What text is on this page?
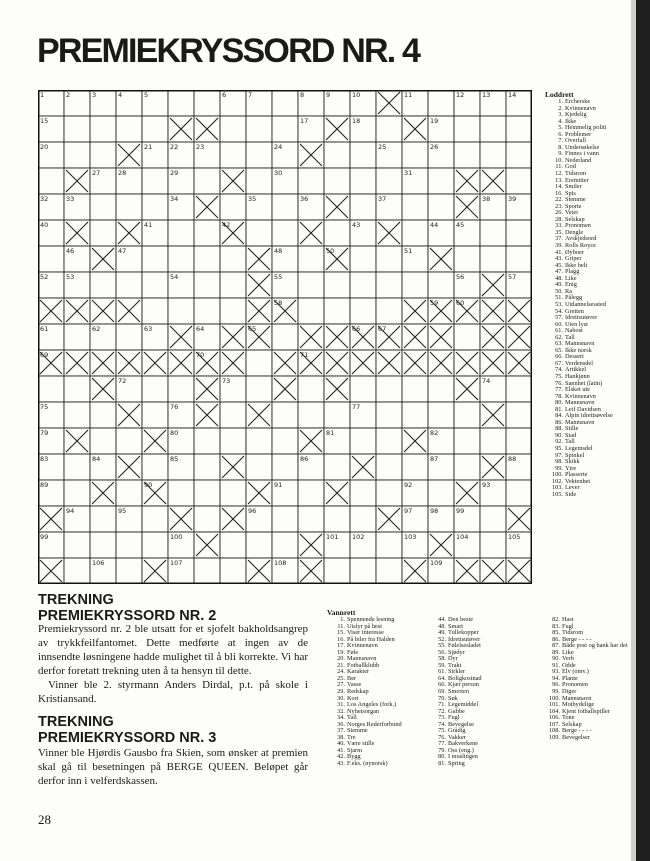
PREMIEKRYSSORD NR. 4
1	2	3	4	5	6	7	8	9	10	11	12	13	14
15	17	18	19
20	21	22	23	24	25	26
27	28	29	30	31
32	33	34	35	36	37	38	39
40	41	42	43	44	45
46	47	48	50	51
52	53	54	55	56	57
58	59	60
61	62	63	64	65	66	67
69	70	71
72	73	74
75	76	77
79	80	81	82
83	84	85	86	87	88
89	90	91	92	93
94	95	96	97	98	99
99	100	101 102	103	104	105
106	107	108	109
Loddrett
1. Ercherske
2. Kvinnenavn
3. Kjedelig
4. Ikke
5. Hemmelig politi
6. Problemer
7. Overfall
8. Undersøkelse
9. Finnes i vann
10. Nederland
11. God
12. Tidsrom
13. Eremitter
14. Smiler
16. Spis
22. Stemme
23. Sporte
26. Veier
28. Selskap
33. Pronomen
35. Dengle
37. Avskjedsord
39. Rolls Royce
41. Øyboer
43. Griper
45. Ikke helt
47. Plagg
48. Like
49. Enig
50. Ra
51. Pålegg
53. Utdannelsessted
54. Gretten
57. Idrettsutøver
60. Uten lyst
61. Nabost
62. Tall
63. Mannsnavn
65. Ikke norsk
66. Dessert
67. Verdensdel
74. Artikkel
75. Hankjønn
76. Sannhet (latin)
77. Elsket ute
78. Kvinnenavn
80. Mannsnavn
81. Leif Davidsen
84. Alpin idrettsøvelse
86. Mannsnavn
88. Stille
90. Stad
92. Tall
95. Legemsdel
97. Spinkel
98. Skikk
99. Ytre
100. Plasserte
102. Vektenhet
103. Lever
105. Side
Vannrett
1. Spennende lesning
11. Utslyr på hest
15. Viser interesse
16. På biler fra Halden
17. Kvinnenavn
19. Føle
20. Mannsnavn
21. Fotballklubb
24. Karakter
25. Ber
27. Vasse
29. Redskap
30. Kort
31. Los Angeles (fork.)
32. Nyhetsorgan
34. Tall
36. Norges Rederforbund
37. Stemme
38. Tre
40. Være stille
41. Sjarm
42. Bygg
43. F.eks. (nynorsk)
44. Den beste
48. Smart
49. Tullekopper
52. Idrettsutøver
55. Følelsesladet
56. Sjødyr
58. Dyr
59. Trakt
61. Sirkler
64. Boligkostnad
66. Kjær person
69. Smerten
70. Søk
71. Legemiddel
72. Gubbe
73. Fugl
74. Bevegelse
75. Grådig
76. Vakker
77. Bakverkene
79. Oss (eng.)
80. I muslingen
81. Spring
82. Hast
83. Fugl
85. Tidsrom
86. Berge - - - -
87. Både post og bank har det
89. Like
90. Verb
91. Odde
93. Elv (omv.)
94. Plante
96. Pronomen
99. Diger
100. Mannsnavn
101. Motbydelige
104. Kjent fotballspiller
106. Tone
107. Selskap
108. Berge - - - -
109. Bevegelser
TREKNING
PREMIEKRYSSORD NR. 2
Premiekryssord nr. 2 ble utsatt for et sjofelt bakholdsangrep av trykkfeilfantomet. Dette medførte at ingen av de innsendte løsningene hadde mulighet til å bli korrekte. Vi har derfor foretatt trekning uten å ta hensyn til dette.
Vinner ble 2. styrmann Anders Dirdal, p.t. på skole i Kristiansand.
TREKNING
PREMIEKRYSSORD NR. 3
Vinner ble Hjørdis Gausbo fra Skien, som ønsker at premien skal gå til besetningen på BERGE QUEEN. Beløpet går derfor inn i velferdskassen.
28
